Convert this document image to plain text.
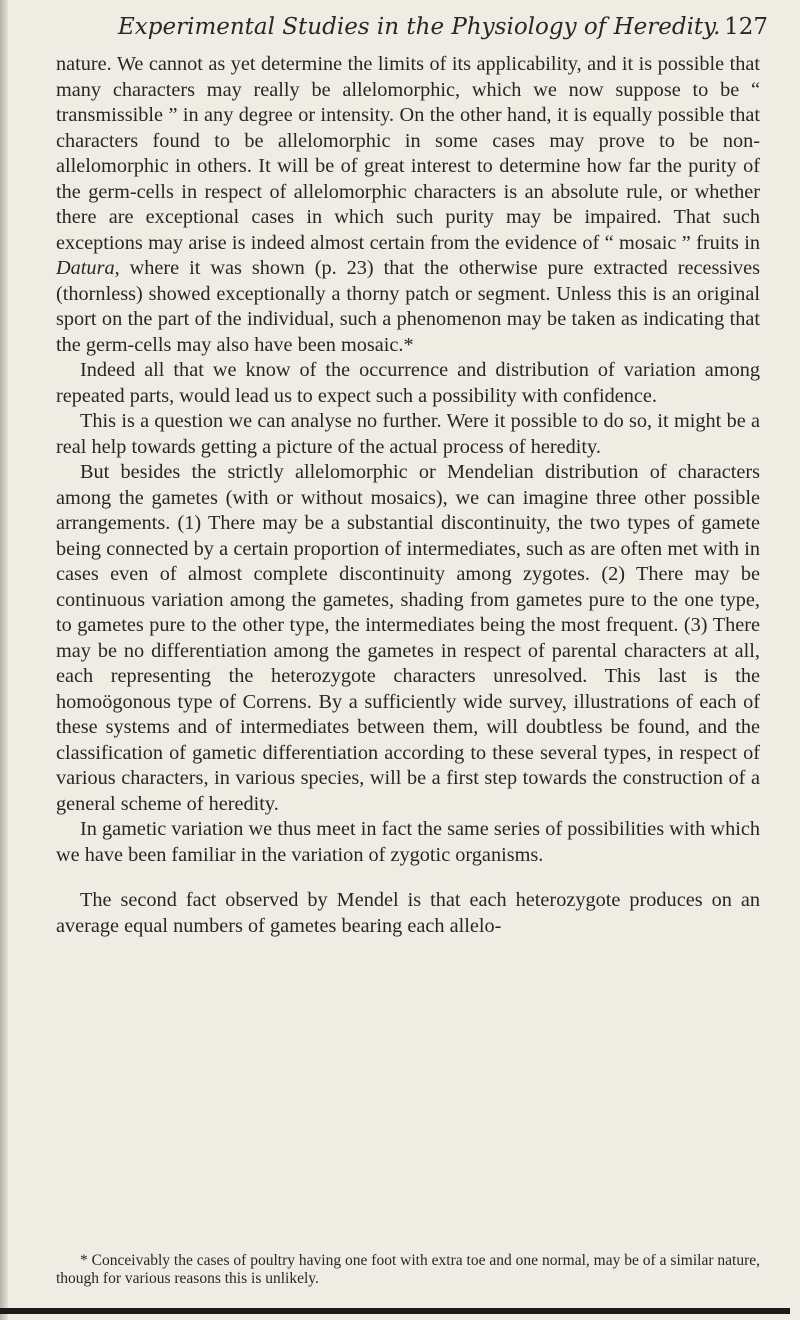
Experimental Studies in the Physiology of Heredity. 127

nature. We cannot as yet determine the limits of its applicability, and it is possible that many characters may really be allelomorphic, which we now suppose to be “ transmissible ” in any degree or intensity. On the other hand, it is equally possible that characters found to be allelomorphic in some cases may prove to be non-allelomorphic in others. It will be of great interest to determine how far the purity of the germ-cells in respect of allelomorphic characters is an absolute rule, or whether there are exceptional cases in which such purity may be impaired. That such exceptions may arise is indeed almost certain from the evidence of “ mosaic ” fruits in Datura, where it was shown (p. 23) that the otherwise pure extracted recessives (thornless) showed exceptionally a thorny patch or segment. Unless this is an original sport on the part of the individual, such a phenomenon may be taken as indicating that the germ-cells may also have been mosaic.*

Indeed all that we know of the occurrence and distribution of variation among repeated parts, would lead us to expect such a possibility with confidence.

This is a question we can analyse no further. Were it possible to do so, it might be a real help towards getting a picture of the actual process of heredity.

But besides the strictly allelomorphic or Mendelian distribution of characters among the gametes (with or without mosaics), we can imagine three other possible arrangements. (1) There may be a substantial discontinuity, the two types of gamete being connected by a certain proportion of intermediates, such as are often met with in cases even of almost complete discontinuity among zygotes. (2) There may be continuous variation among the gametes, shading from gametes pure to the one type, to gametes pure to the other type, the intermediates being the most frequent. (3) There may be no differentiation among the gametes in respect of parental characters at all, each representing the heterozygote characters unresolved. This last is the homoögonous type of Correns. By a sufficiently wide survey, illustrations of each of these systems and of intermediates between them, will doubtless be found, and the classification of gametic differentiation according to these several types, in respect of various characters, in various species, will be a first step towards the construction of a general scheme of heredity.

In gametic variation we thus meet in fact the same series of possibilities with which we have been familiar in the variation of zygotic organisms.

The second fact observed by Mendel is that each heterozygote produces on an average equal numbers of gametes bearing each allelo-

* Conceivably the cases of poultry having one foot with extra toe and one normal, may be of a similar nature, though for various reasons this is unlikely.
